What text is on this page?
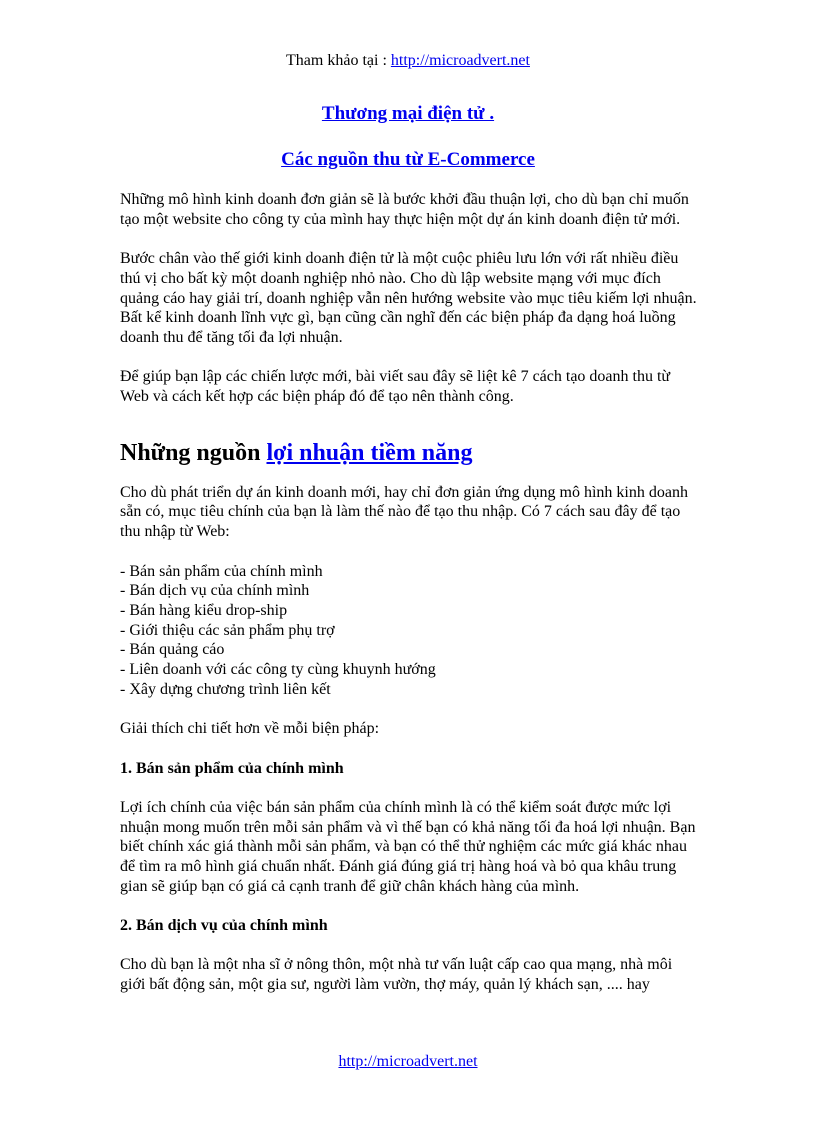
Tham khảo tại : http://microadvert.net
Thương mại điện tử .
Các nguồn thu từ E-Commerce

Những mô hình kinh doanh đơn giản sẽ là bước khởi đầu thuận lợi, cho dù bạn chỉ muốn tạo một website cho công ty của mình hay thực hiện một dự án kinh doanh điện tử mới.

Bước chân vào thế giới kinh doanh điện tử là một cuộc phiêu lưu lớn với rất nhiều điều thú vị cho bất kỳ một doanh nghiệp nhỏ nào. Cho dù lập website mạng với mục đích quảng cáo hay giải trí, doanh nghiệp vẫn nên hướng website vào mục tiêu kiếm lợi nhuận. Bất kể kinh doanh lĩnh vực gì, bạn cũng cần nghĩ đến các biện pháp đa dạng hoá luồng doanh thu để tăng tối đa lợi nhuận.

Để giúp bạn lập các chiến lược mới, bài viết sau đây sẽ liệt kê 7 cách tạo doanh thu từ Web và cách kết hợp các biện pháp đó để tạo nên thành công.

Những nguồn lợi nhuận tiềm năng

Cho dù phát triển dự án kinh doanh mới, hay chỉ đơn giản ứng dụng mô hình kinh doanh sẵn có, mục tiêu chính của bạn là làm thế nào để tạo thu nhập. Có 7 cách sau đây để tạo thu nhập từ Web:

- Bán sản phẩm của chính mình
- Bán dịch vụ của chính mình
- Bán hàng kiểu drop-ship
- Giới thiệu các sản phẩm phụ trợ
- Bán quảng cáo
- Liên doanh với các công ty cùng khuynh hướng
- Xây dựng chương trình liên kết

Giải thích chi tiết hơn về mỗi biện pháp:

1. Bán sản phẩm của chính mình

Lợi ích chính của việc bán sản phẩm của chính mình là có thể kiểm soát được mức lợi nhuận mong muốn trên mỗi sản phẩm và vì thế bạn có khả năng tối đa hoá lợi nhuận. Bạn biết chính xác giá thành mỗi sản phẩm, và bạn có thể thử nghiệm các mức giá khác nhau để tìm ra mô hình giá chuẩn nhất. Đánh giá đúng giá trị hàng hoá và bỏ qua khâu trung gian sẽ giúp bạn có giá cả cạnh tranh để giữ chân khách hàng của mình.

2. Bán dịch vụ của chính mình

Cho dù bạn là một nha sĩ ở nông thôn, một nhà tư vấn luật cấp cao qua mạng, nhà môi giới bất động sản, một gia sư, người làm vườn, thợ máy, quản lý khách sạn, .... hay

http://microadvert.net
